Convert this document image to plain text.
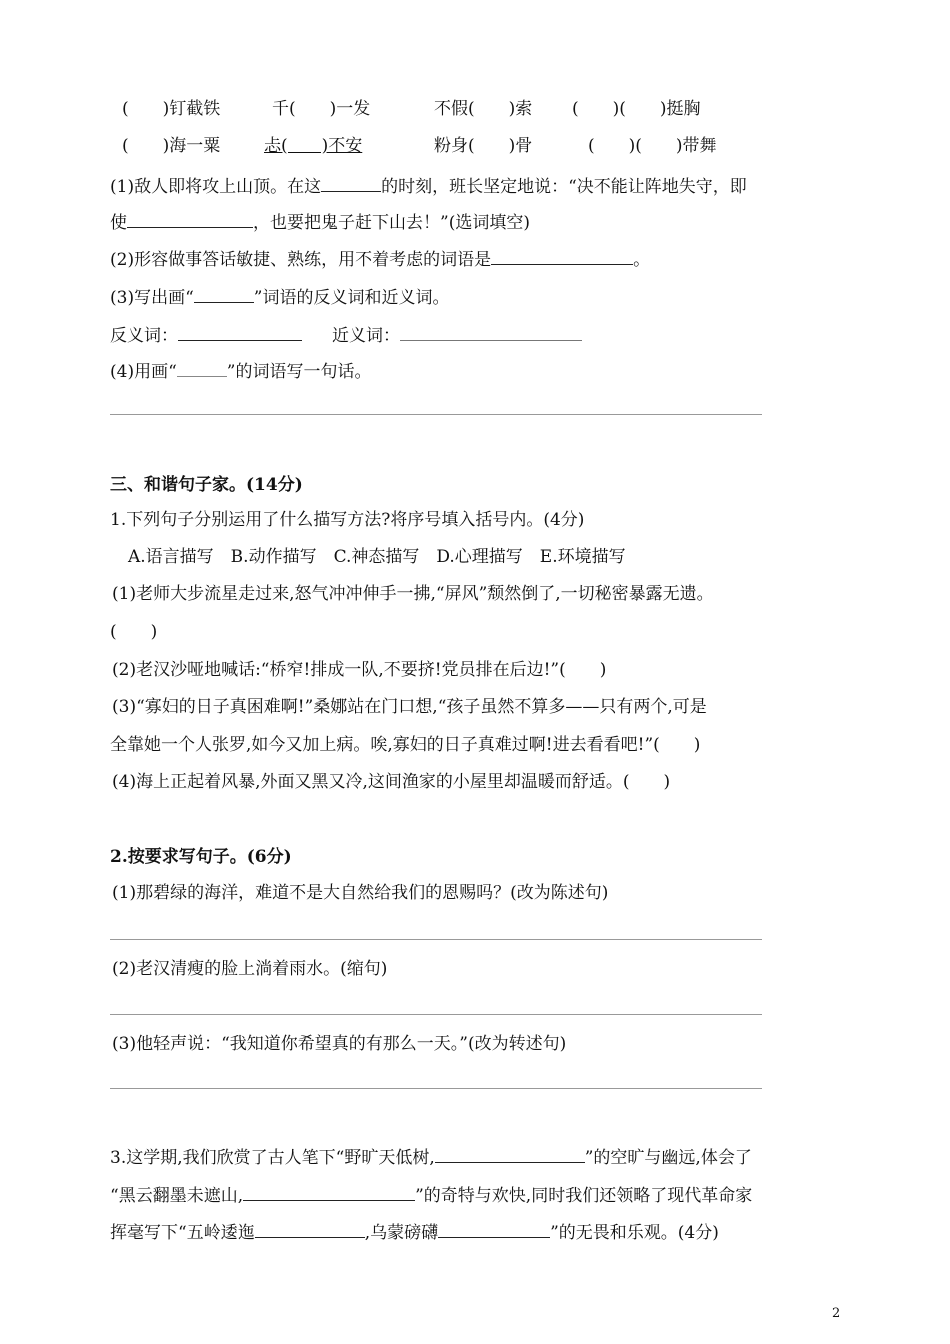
(　　)钉截铁	千(　　)一发	不假(　　)索 (　　)(　　)挺胸
(　　)海一粟	忐(　　)不安	粉身(　　)骨	(　　)(　　)带舞
(1)敌人即将攻上山顶。在这	的时刻，班长坚定地说：“决不能让阵地失守，即
使	，也要把鬼子赶下山去！”(选词填空)
(2)形容做事答话敏捷、熟练，用不着考虑的词语是	。
(3)写出画“	”词语的反义词和近义词。
反义词：	近义词：
(4)用画“	”的词语写一句话。
三、和谐句子家。(14分)
1.下列句子分别运用了什么描写方法?将序号填入括号内。(4分)
A.语言描写　B.动作描写　C.神态描写　D.心理描写　E.环境描写
(1)老师大步流星走过来,怒气冲冲伸手一拂,“屏风”颓然倒了,一切秘密暴露无遗。
(　　)
(2)老汉沙哑地喊话:“桥窄!排成一队,不要挤!党员排在后边!”(　　)
(3)“寡妇的日子真困难啊!”桑娜站在门口想,“孩子虽然不算多——只有两个,可是
全靠她一个人张罗,如今又加上病。唉,寡妇的日子真难过啊!进去看看吧!”(　　)
(4)海上正起着风暴,外面又黑又冷,这间渔家的小屋里却温暖而舒适。(　　)
2.按要求写句子。(6分)
(1)那碧绿的海洋，难道不是大自然给我们的恩赐吗？(改为陈述句)
(2)老汉清瘦的脸上淌着雨水。(缩句)
(3)他轻声说：“我知道你希望真的有那么一天。”(改为转述句)
3.这学期,我们欣赏了古人笔下“野旷天低树,	”的空旷与幽远,体会了
“黑云翻墨未遮山,	”的奇特与欢快,同时我们还领略了现代革命家
挥毫写下“五岭逶迤	,乌蒙磅礴	”的无畏和乐观。(4分)
2
